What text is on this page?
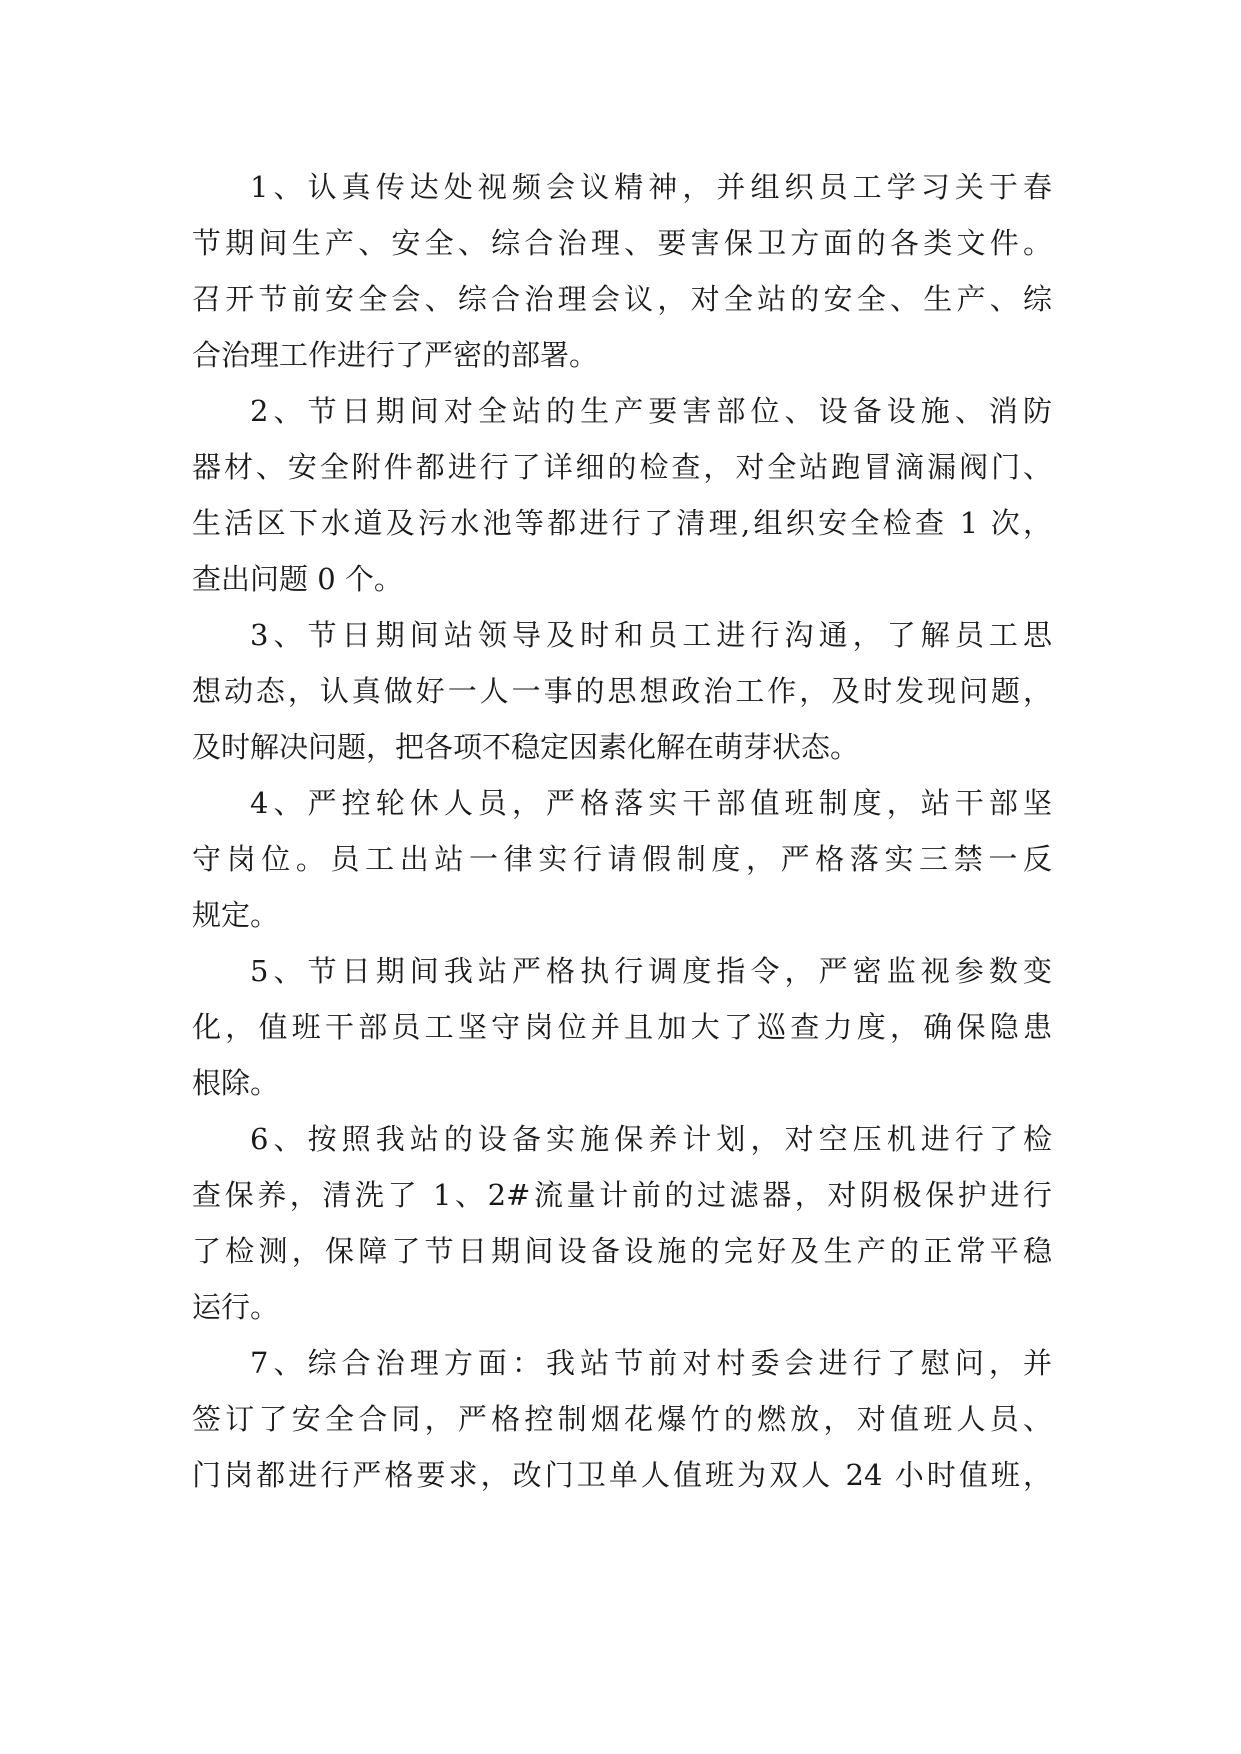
1、认真传达处视频会议精神，并组织员工学习关于春
节期间生产、安全、综合治理、要害保卫方面的各类文件。
召开节前安全会、综合治理会议，对全站的安全、生产、综
合治理工作进行了严密的部署。
2、节日期间对全站的生产要害部位、设备设施、消防
器材、安全附件都进行了详细的检查，对全站跑冒滴漏阀门、
生活区下水道及污水池等都进行了清理,组织安全检查 1 次，
查出问题 0 个。
3、节日期间站领导及时和员工进行沟通，了解员工思
想动态，认真做好一人一事的思想政治工作，及时发现问题，
及时解决问题，把各项不稳定因素化解在萌芽状态。
4、严控轮休人员，严格落实干部值班制度，站干部坚
守岗位。员工出站一律实行请假制度，严格落实三禁一反
规定。
5、节日期间我站严格执行调度指令，严密监视参数变
化，值班干部员工坚守岗位并且加大了巡查力度，确保隐患
根除。
6、按照我站的设备实施保养计划，对空压机进行了检
查保养，清洗了 1、2#流量计前的过滤器，对阴极保护进行
了检测，保障了节日期间设备设施的完好及生产的正常平稳
运行。
7、综合治理方面：我站节前对村委会进行了慰问，并
签订了安全合同，严格控制烟花爆竹的燃放，对值班人员、
门岗都进行严格要求，改门卫单人值班为双人 24 小时值班，
